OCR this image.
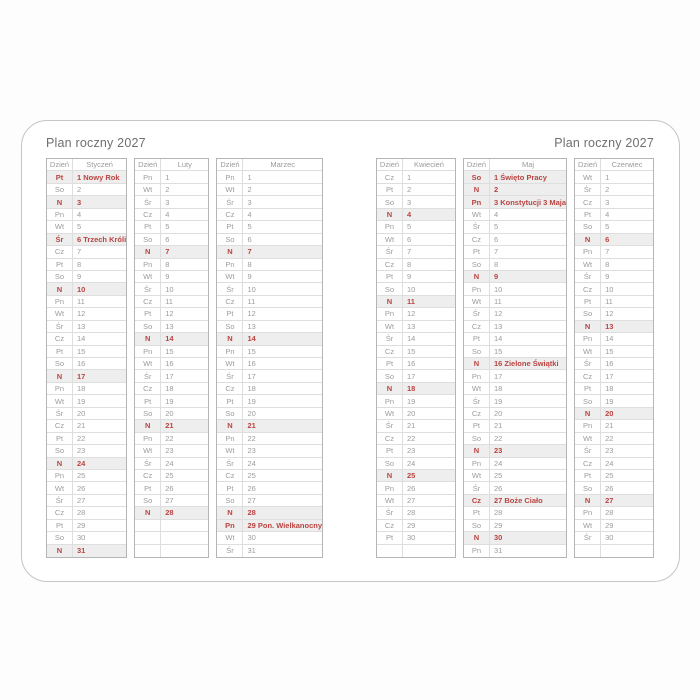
Plan roczny 2027
Dzień	Styczeń
Pt	1 Nowy Rok
So	2
N	3
Pn	4
Wt	5
Śr	6 Trzech Króli
Cz	7
Pt	8
So	9
N	10
Pn	11
Wt	12
Śr	13
Cz	14
Pt	15
So	16
N	17
Pn	18
Wt	19
Śr	20
Cz	21
Pt	22
So	23
N	24
Pn	25
Wt	26
Śr	27
Cz	28
Pt	29
So	30
N	31
Dzień	Luty
Pn	1
Wt	2
Śr	3
Cz	4
Pt	5
So	6
N	7
Pn	8
Wt	9
Śr	10
Cz	11
Pt	12
So	13
N	14
Pn	15
Wt	16
Śr	17
Cz	18
Pt	19
So	20
N	21
Pn	22
Wt	23
Śr	24
Cz	25
Pt	26
So	27
N	28
Dzień	Marzec
Pn	1
Wt	2
Śr	3
Cz	4
Pt	5
So	6
N	7
Pn	8
Wt	9
Śr	10
Cz	11
Pt	12
So	13
N	14
Pn	15
Wt	16
Śr	17
Cz	18
Pt	19
So	20
N	21
Pn	22
Wt	23
Śr	24
Cz	25
Pt	26
So	27
N	28
Pn	29 Pon. Wielkanocny
Wt	30
Śr	31
Plan roczny 2027
Dzień	Kwiecień
Cz	1
Pt	2
So	3
N	4
Pn	5
Wt	6
Śr	7
Cz	8
Pt	9
So	10
N	11
Pn	12
Wt	13
Śr	14
Cz	15
Pt	16
So	17
N	18
Pn	19
Wt	20
Śr	21
Cz	22
Pt	23
So	24
N	25
Pn	26
Wt	27
Śr	28
Cz	29
Pt	30
Dzień	Maj
So	1 Święto Pracy
N	2
Pn	3 Konstytucji 3 Maja
Wt	4
Śr	5
Cz	6
Pt	7
So	8
N	9
Pn	10
Wt	11
Śr	12
Cz	13
Pt	14
So	15
N	16 Zielone Świątki
Pn	17
Wt	18
Śr	19
Cz	20
Pt	21
So	22
N	23
Pn	24
Wt	25
Śr	26
Cz	27 Boże Ciało
Pt	28
So	29
N	30
Pn	31
Dzień	Czerwiec
Wt	1
Śr	2
Cz	3
Pt	4
So	5
N	6
Pn	7
Wt	8
Śr	9
Cz	10
Pt	11
So	12
N	13
Pn	14
Wt	15
Śr	16
Cz	17
Pt	18
So	19
N	20
Pn	21
Wt	22
Śr	23
Cz	24
Pt	25
So	26
N	27
Pn	28
Wt	29
Śr	30
